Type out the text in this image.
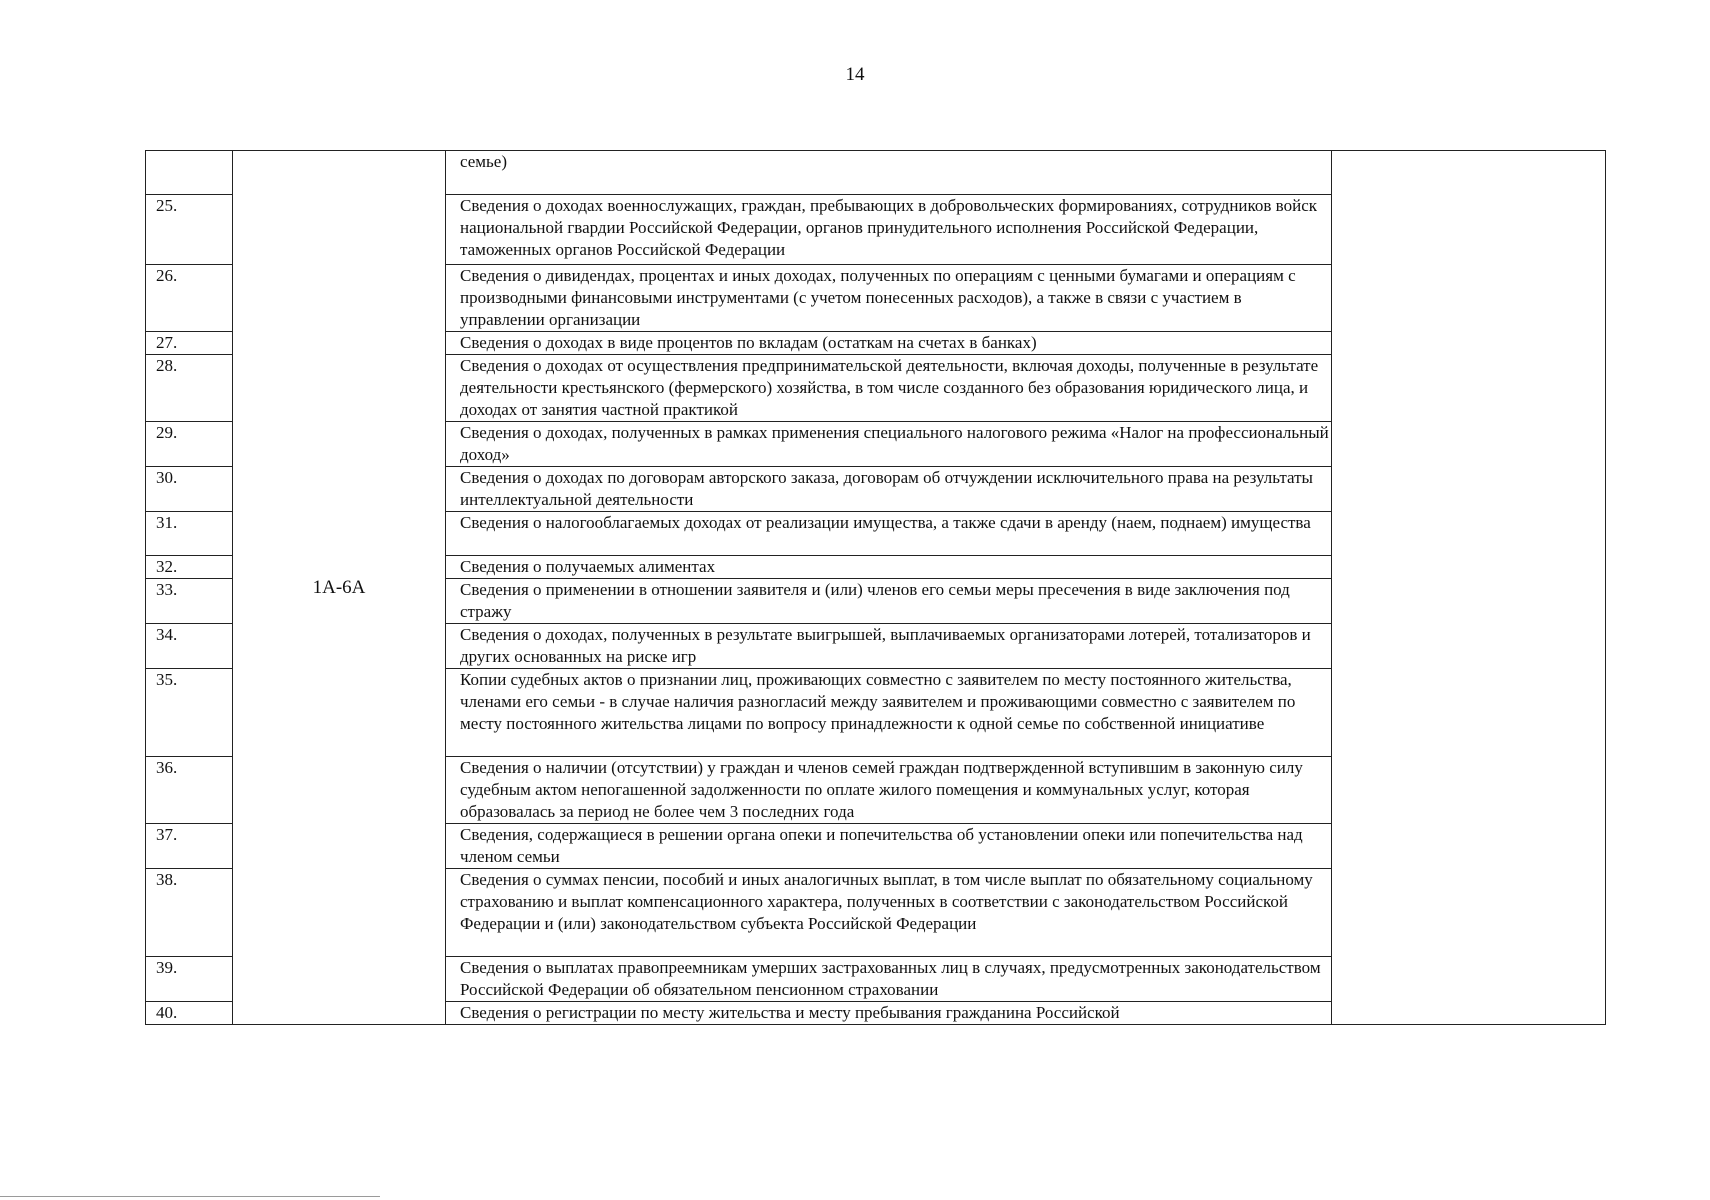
14
	1А-6А	семье)	
25.		Сведения о доходах военнослужащих, граждан, пребывающих в добровольческих формированиях, сотрудников войск национальной гвардии Российской Федерации, органов принудительного исполнения Российской Федерации, таможенных органов Российской Федерации	
26.		Сведения о дивидендах, процентах и иных доходах, полученных по операциям с ценными бумагами и операциям с производными финансовыми инструментами (с учетом понесенных расходов), а также в связи с участием в управлении организации	
27.		Сведения о доходах в виде процентов по вкладам (остаткам на счетах в банках)	
28.		Сведения о доходах от осуществления предпринимательской деятельности, включая доходы, полученные в результате деятельности крестьянского (фермерского) хозяйства, в том числе созданного без образования юридического лица, и доходах от занятия частной практикой	
29.		Сведения о доходах, полученных в рамках применения специального налогового режима «Налог на профессиональный доход»	
30.		Сведения о доходах по договорам авторского заказа, договорам об отчуждении исключительного права на результаты интеллектуальной деятельности	
31.		Сведения о налогооблагаемых доходах от реализации имущества, а также сдачи в аренду (наем, поднаем) имущества	
32.		Сведения о получаемых алиментах	
33.		Сведения о применении в отношении заявителя и (или) членов его семьи меры пресечения в виде заключения под стражу	
34.		Сведения о доходах, полученных в результате выигрышей, выплачиваемых организаторами лотерей, тотализаторов и других основанных на риске игр	
35.		Копии судебных актов о признании лиц, проживающих совместно с заявителем по месту постоянного жительства, членами его семьи - в случае наличия разногласий между заявителем и проживающими совместно с заявителем по месту постоянного жительства лицами по вопросу принадлежности к одной семье по собственной инициативе	
36.		Сведения о наличии (отсутствии) у граждан и членов семей граждан подтвержденной вступившим в законную силу судебным актом непогашенной задолженности по оплате жилого помещения и коммунальных услуг, которая образовалась за период не более чем 3 последних года	
37.		Сведения, содержащиеся в решении органа опеки и попечительства об установлении опеки или попечительства над членом семьи	
38.		Сведения о суммах пенсии, пособий и иных аналогичных выплат, в том числе выплат по обязательному социальному страхованию и выплат компенсационного характера, полученных в соответствии с законодательством Российской Федерации и (или) законодательством субъекта Российской Федерации	
39.		Сведения о выплатах правопреемникам умерших застрахованных лиц в случаях, предусмотренных законодательством Российской Федерации об обязательном пенсионном страховании	
40.		Сведения о регистрации по месту жительства и месту пребывания гражданина Российской	
